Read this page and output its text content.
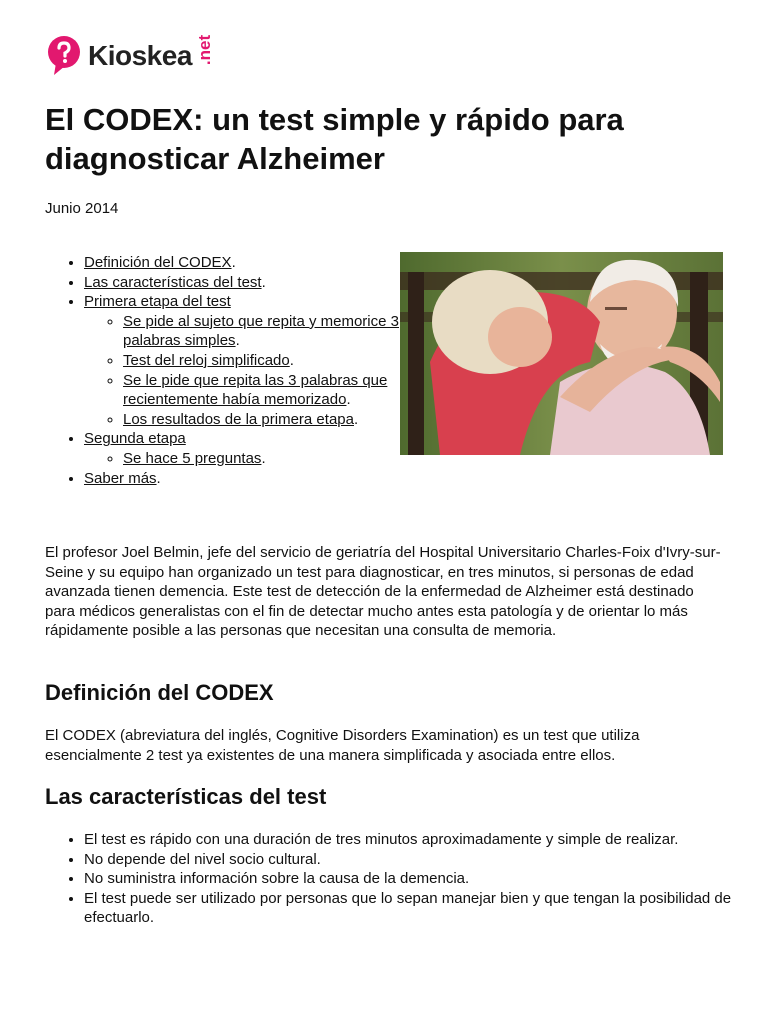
Kioskea .net
El CODEX: un test simple y rápido para diagnosticar Alzheimer
Junio 2014
• Definición del CODEX.
• Las características del test.
• Primera etapa del test
◦ Se pide al sujeto que repita y memorice 3 palabras simples.
◦ Test del reloj simplificado.
◦ Se le pide que repita las 3 palabras que recientemente había memorizado.
◦ Los resultados de la primera etapa.
• Segunda etapa
◦ Se hace 5 preguntas.
• Saber más.

El profesor Joel Belmin, jefe del servicio de geriatría del Hospital Universitario Charles-Foix d'Ivry-sur-Seine y su equipo han organizado un test para diagnosticar, en tres minutos, si personas de edad avanzada tienen demencia. Este test de detección de la enfermedad de Alzheimer está destinado para médicos generalistas con el fin de detectar mucho antes esta patología y de orientar lo más rápidamente posible a las personas que necesitan una consulta de memoria.

Definición del CODEX

El CODEX (abreviatura del inglés, Cognitive Disorders Examination) es un test que utiliza esencialmente 2 test ya existentes de una manera simplificada y asociada entre ellos.

Las características del test
• El test es rápido con una duración de tres minutos aproximadamente y simple de realizar.
• No depende del nivel socio cultural.
• No suministra información sobre la causa de la demencia.
• El test puede ser utilizado por personas que lo sepan manejar bien y que tengan la posibilidad de efectuarlo.
